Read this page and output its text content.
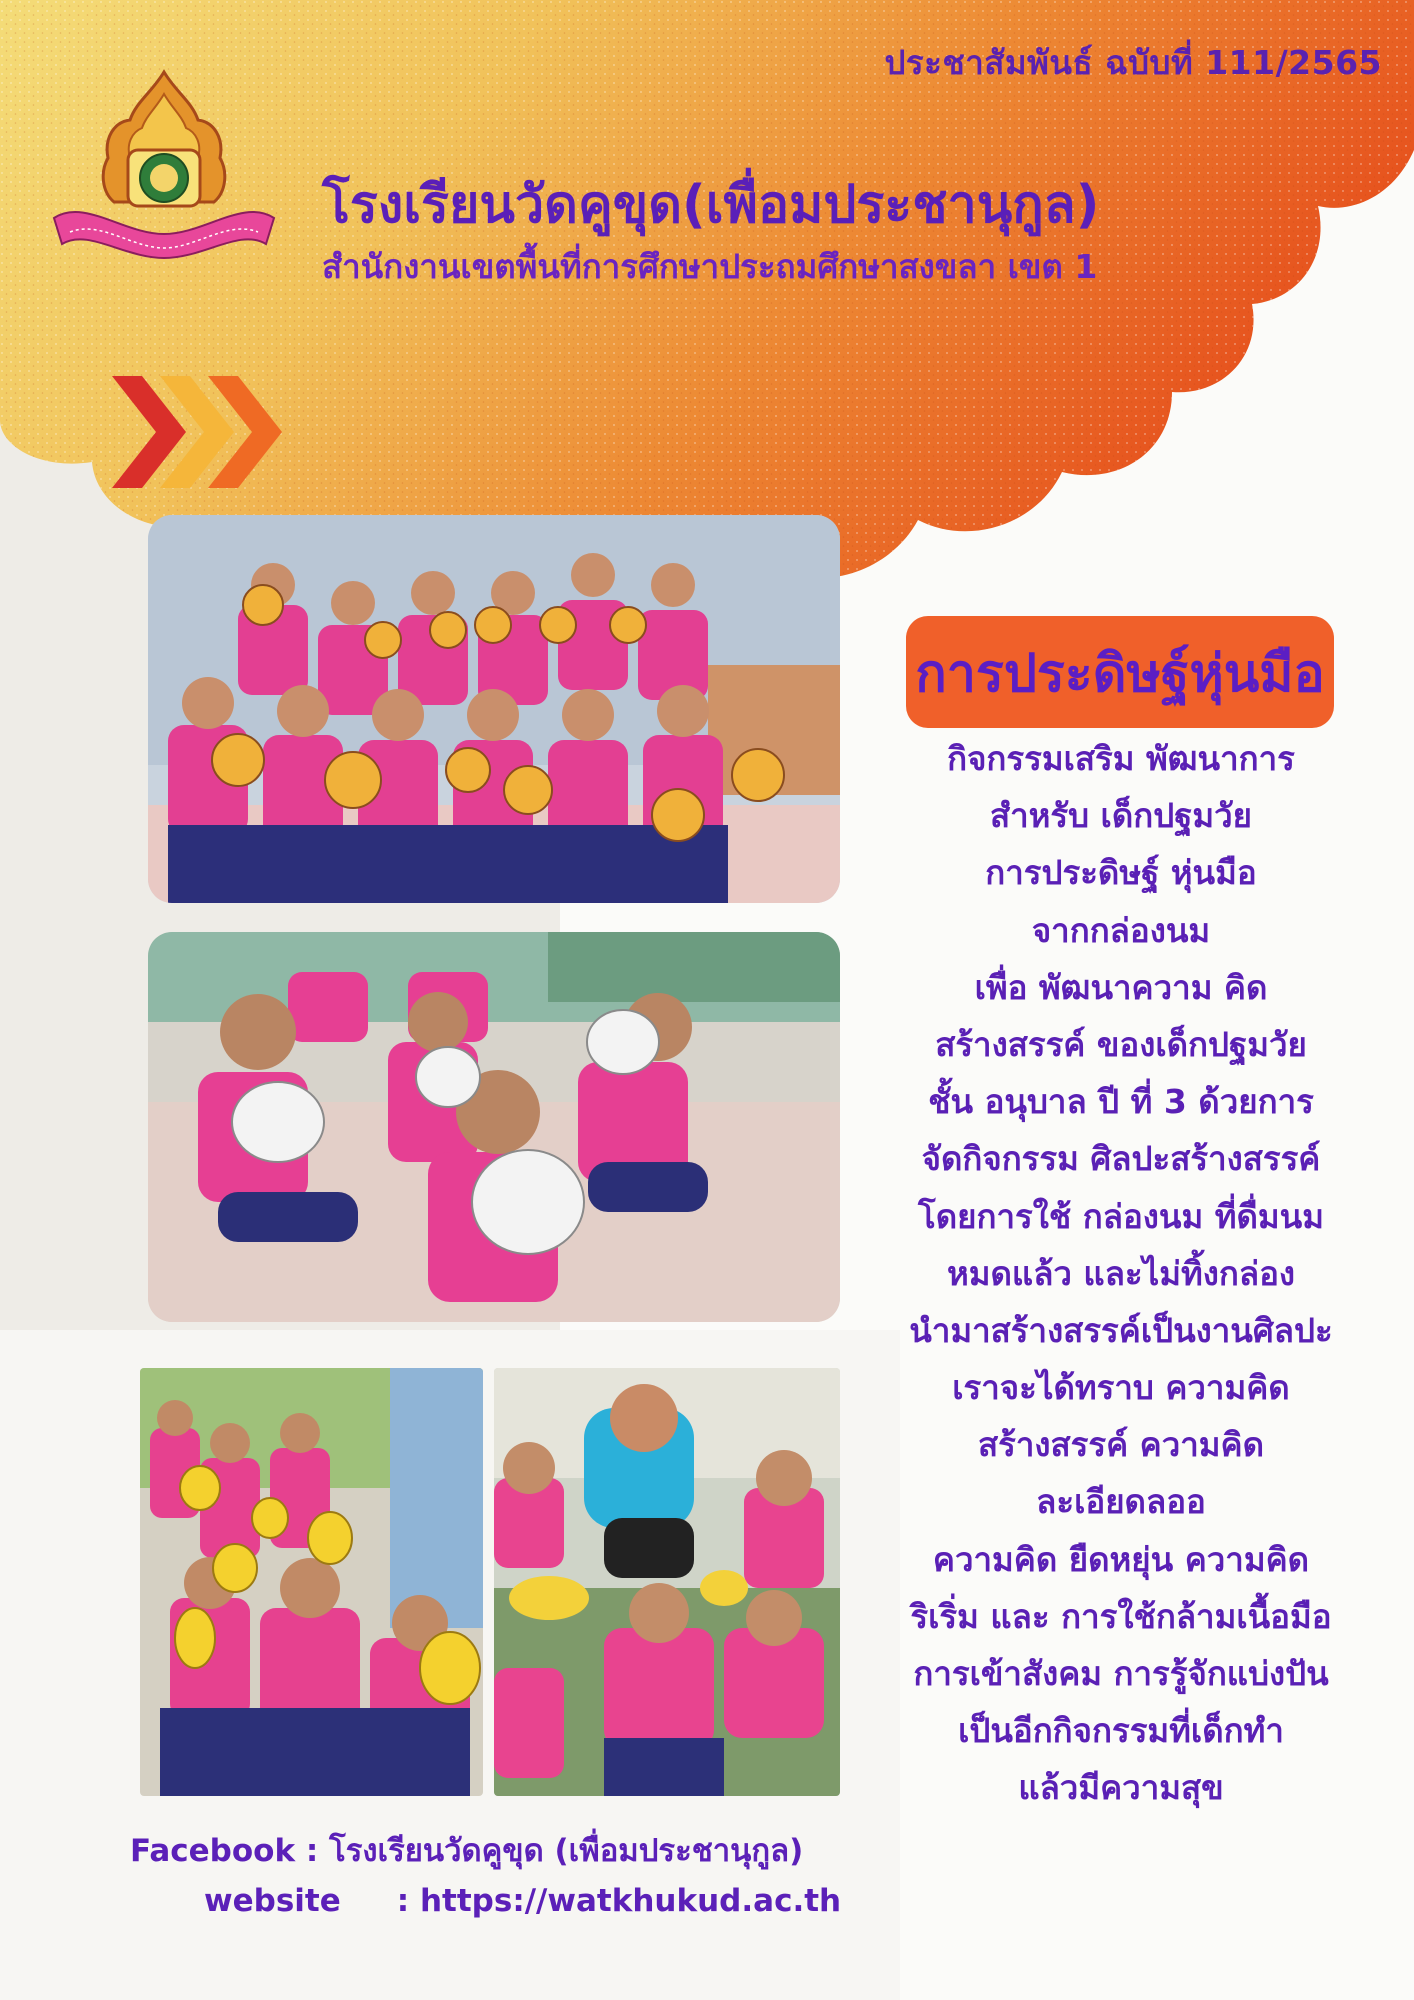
ประชาสัมพันธ์ ฉบับที่ 111/2565
โรงเรียนวัดคูขุด(เพื่อมประชานุกูล)
สำนักงานเขตพื้นที่การศึกษาประถมศึกษาสงขลา เขต 1
การประดิษฐ์หุ่นมือ
กิจกรรมเสริม พัฒนาการ
สำหรับ เด็กปฐมวัย
การประดิษฐ์ หุ่นมือ
จากกล่องนม
เพื่อ พัฒนาความ คิด
สร้างสรรค์ ของเด็กปฐมวัย
ชั้น อนุบาล ปี ที่ 3 ด้วยการ
จัดกิจกรรม ศิลปะสร้างสรรค์
โดยการใช้ กล่องนม ที่ดื่มนม
หมดแล้ว และไม่ทิ้งกล่อง
นำมาสร้างสรรค์เป็นงานศิลปะ
เราจะได้ทราบ ความคิด
สร้างสรรค์ ความคิด
ละเอียดลออ
ความคิด ยืดหยุ่น ความคิด
ริเริ่ม และ การใช้กล้ามเนื้อมือ
การเข้าสังคม การรู้จักแบ่งปัน
เป็นอีกกิจกรรมที่เด็กทำ
แล้วมีความสุข
Facebook : โรงเรียนวัดคูขุด (เพื่อมประชานุกูล)
website : https://watkhukud.ac.th
